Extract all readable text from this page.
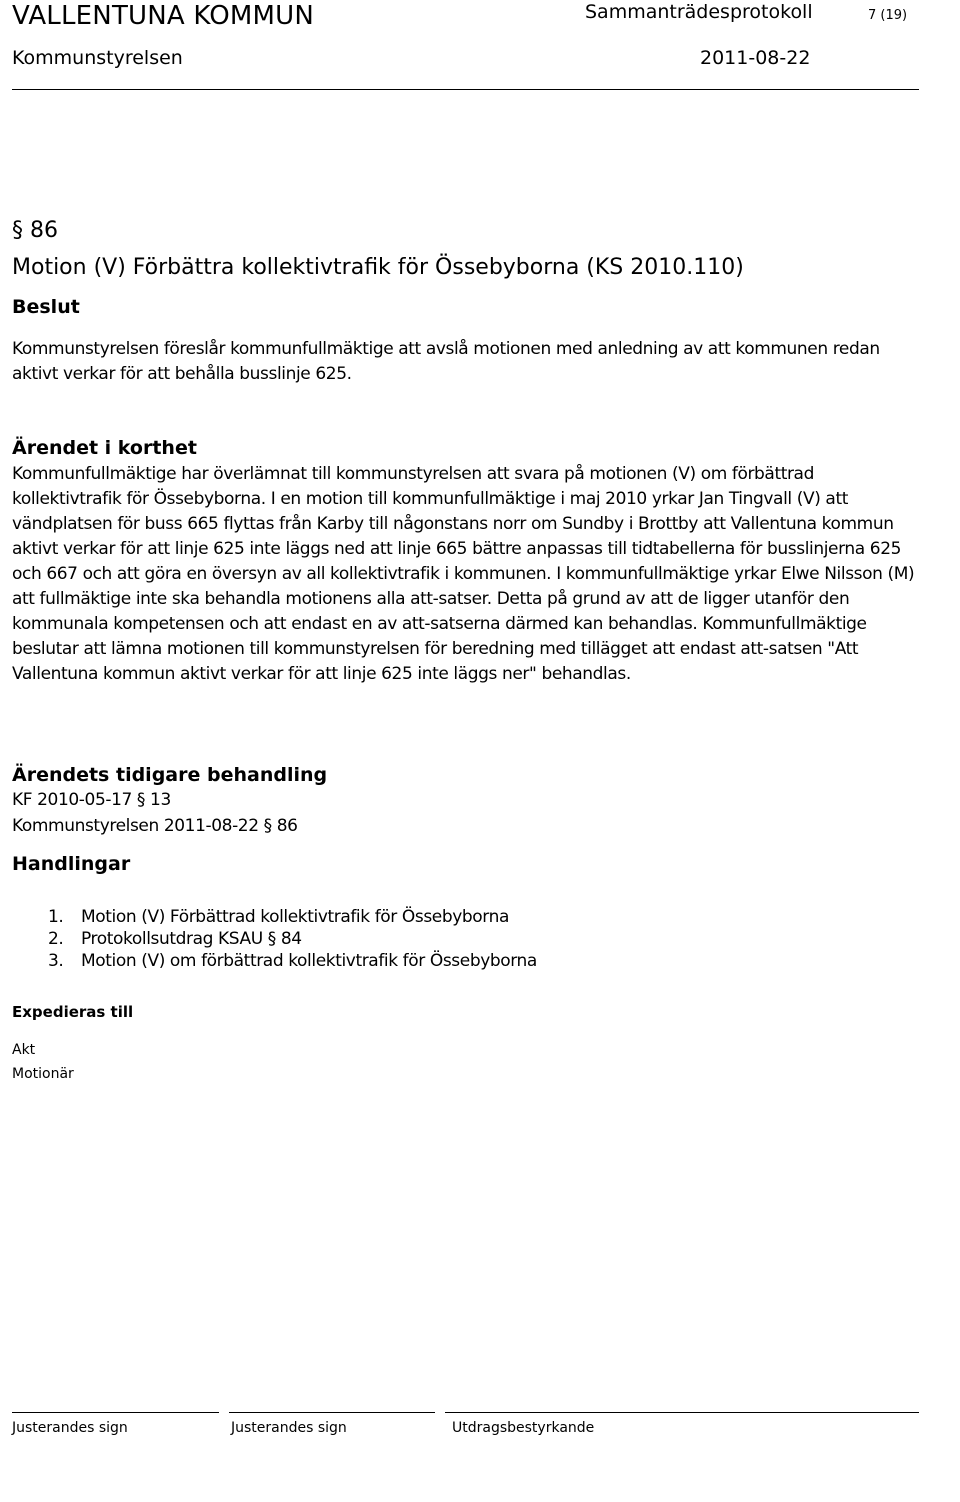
VALLENTUNA KOMMUN	Sammanträdesprotokoll	7 (19)
Kommunstyrelsen	2011-08-22
§ 86
Motion (V) Förbättra kollektivtrafik för Össebyborna (KS 2010.110)
Beslut
Kommunstyrelsen föreslår kommunfullmäktige att avslå motionen med anledning av att kommunen redan aktivt verkar för att behålla busslinje 625.
Ärendet i korthet
Kommunfullmäktige har överlämnat till kommunstyrelsen att svara på motionen (V) om förbättrad kollektivtrafik för Össebyborna. I en motion till kommunfullmäktige i maj 2010 yrkar Jan Tingvall (V) att vändplatsen för buss 665 flyttas från Karby till någonstans norr om Sundby i Brottby att Vallentuna kommun aktivt verkar för att linje 625 inte läggs ned att linje 665 bättre anpassas till tidtabellerna för busslinjerna 625 och 667 och att göra en översyn av all kollektivtrafik i kommunen. I kommunfullmäktige yrkar Elwe Nilsson (M) att fullmäktige inte ska behandla motionens alla att-satser. Detta på grund av att de ligger utanför den kommunala kompetensen och att endast en av att-satserna därmed kan behandlas. Kommunfullmäktige beslutar att lämna motionen till kommunstyrelsen för beredning med tillägget att endast att-satsen "Att Vallentuna kommun aktivt verkar för att linje 625 inte läggs ner" behandlas.
Ärendets tidigare behandling
KF 2010-05-17 § 13
Kommunstyrelsen 2011-08-22 § 86
Handlingar
1. Motion (V) Förbättrad kollektivtrafik för Össebyborna
2. Protokollsutdrag KSAU § 84
3. Motion (V) om förbättrad kollektivtrafik för Össebyborna
Expedieras till
Akt
Motionär
Justerandes sign	Justerandes sign	Utdragsbestyrkande
